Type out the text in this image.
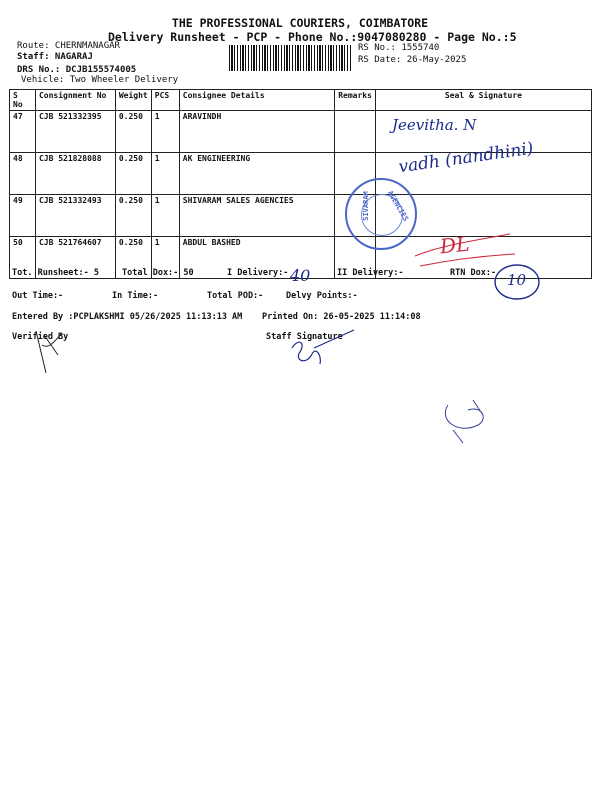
THE PROFESSIONAL COURIERS, COIMBATORE
Delivery Runsheet - PCP - Phone No.:9047080280 - Page No.:5
Route: CHERNMANAGAR
Staff: NAGARAJ
DRS No.: DCJB155574005
Vehicle: Two Wheeler Delivery
RS No.: 1555740
RS Date: 26-May-2025
S No	Consignment No	Weight	PCS	Consignee Details	Remarks	Seal & Signature
47	CJB 521332395	0.250	1	ARAVINDH		
48	CJB 521828088	0.250	1	AK ENGINEERING		
49	CJB 521332493	0.250	1	SHIVARAM SALES AGENCIES		
50	CJB 521764607	0.250	1	ABDUL BASHED		
Jeevitha. N
vadh (nandhini)
DL
SIVARAM AGENCIES
Tot. Runsheet:- 5	Total Dox:- 50	I Delivery:- 40	II Delivery:-	RTN Dox:- 10
Out Time:-	In Time:-	Total POD:-	Delvy Points:-
Entered By :PCPLAKSHMI 05/26/2025 11:13:13 AM Printed On: 26-05-2025 11:14:08
Verified By	Staff Signature
